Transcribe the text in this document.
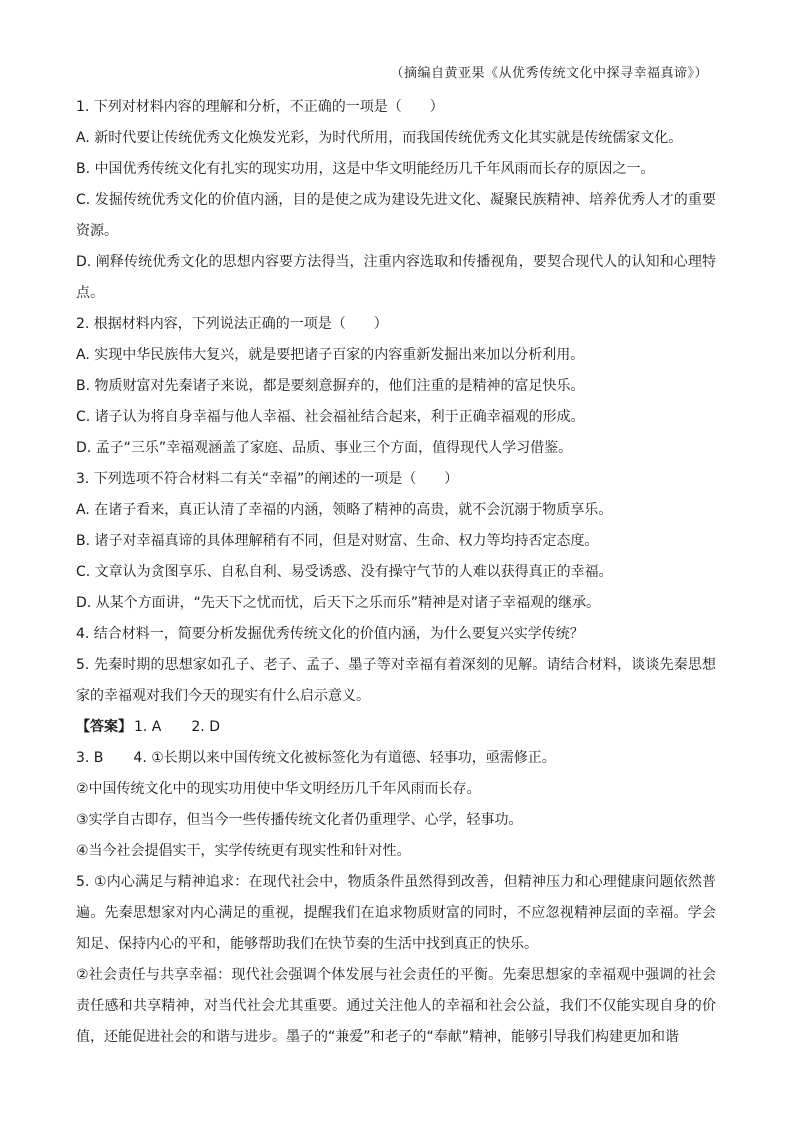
（摘编自黄亚果《从优秀传统文化中探寻幸福真谛》）
1. 下列对材料内容的理解和分析，不正确的一项是（　　）
A. 新时代要让传统优秀文化焕发光彩，为时代所用，而我国传统优秀文化其实就是传统儒家文化。
B. 中国优秀传统文化有扎实的现实功用，这是中华文明能经历几千年风雨而长存的原因之一。
C. 发掘传统优秀文化的价值内涵，目的是使之成为建设先进文化、凝聚民族精神、培养优秀人才的重要资源。
D. 阐释传统优秀文化的思想内容要方法得当，注重内容选取和传播视角，要契合现代人的认知和心理特点。
2. 根据材料内容，下列说法正确的一项是（　　）
A. 实现中华民族伟大复兴，就是要把诸子百家的内容重新发掘出来加以分析利用。
B. 物质财富对先秦诸子来说，都是要刻意摒弃的，他们注重的是精神的富足快乐。
C. 诸子认为将自身幸福与他人幸福、社会福祉结合起来，利于正确幸福观的形成。
D. 孟子“三乐”幸福观涵盖了家庭、品质、事业三个方面，值得现代人学习借鉴。
3. 下列选项不符合材料二有关“幸福”的阐述的一项是（　　）
A. 在诸子看来，真正认清了幸福的内涵，领略了精神的高贵，就不会沉溺于物质享乐。
B. 诸子对幸福真谛的具体理解稍有不同，但是对财富、生命、权力等均持否定态度。
C. 文章认为贪图享乐、自私自利、易受诱惑、没有操守气节的人难以获得真正的幸福。
D. 从某个方面讲，“先天下之忧而忧，后天下之乐而乐”精神是对诸子幸福观的继承。
4. 结合材料一，简要分析发掘优秀传统文化的价值内涵，为什么要复兴实学传统？
5. 先秦时期的思想家如孔子、老子、孟子、墨子等对幸福有着深刻的见解。请结合材料，谈谈先秦思想家的幸福观对我们今天的现实有什么启示意义。
【答案】 1. A 2. D
3. B 4. ①长期以来中国传统文化被标签化为有道德、轻事功，亟需修正。
②中国传统文化中的现实功用使中华文明经历几千年风雨而长存。
③实学自古即存，但当今一些传播传统文化者仍重理学、心学，轻事功。
④当今社会提倡实干，实学传统更有现实性和针对性。
5. ①内心满足与精神追求：在现代社会中，物质条件虽然得到改善，但精神压力和心理健康问题依然普遍。先秦思想家对内心满足的重视，提醒我们在追求物质财富的同时，不应忽视精神层面的幸福。学会知足、保持内心的平和，能够帮助我们在快节奏的生活中找到真正的快乐。
②社会责任与共享幸福：现代社会强调个体发展与社会责任的平衡。先秦思想家的幸福观中强调的社会责任感和共享精神，对当代社会尤其重要。通过关注他人的幸福和社会公益，我们不仅能实现自身的价值，还能促进社会的和谐与进步。墨子的“兼爱”和老子的“奉献”精神，能够引导我们构建更加和谐
